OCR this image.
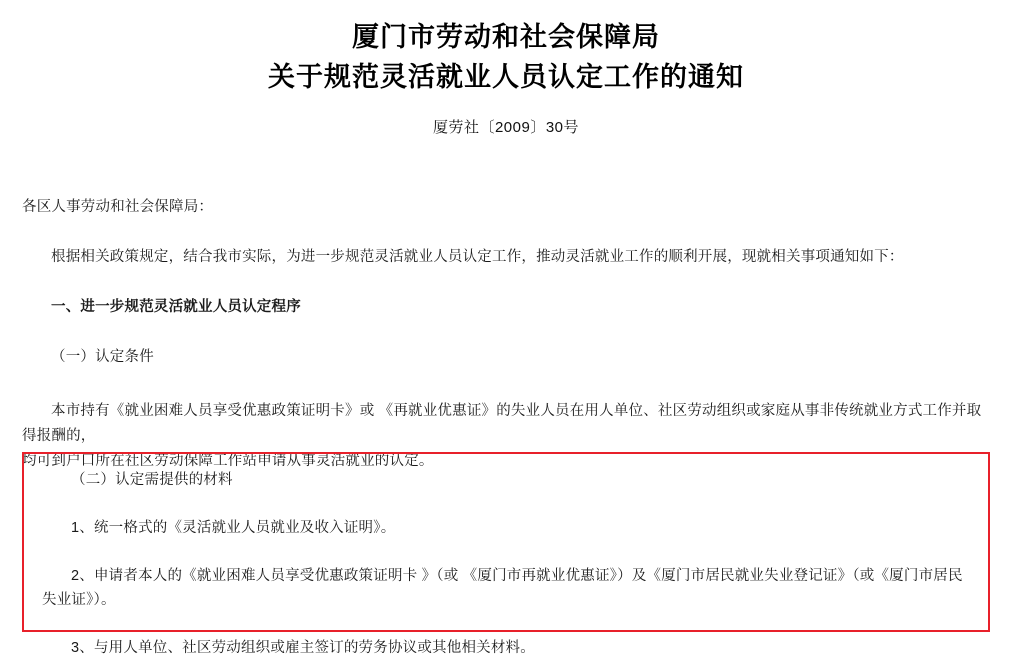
厦门市劳动和社会保障局
关于规范灵活就业人员认定工作的通知
厦劳社〔2009〕30号
各区人事劳动和社会保障局：
根据相关政策规定，结合我市实际，为进一步规范灵活就业人员认定工作，推动灵活就业工作的顺利开展，现就相关事项通知如下：
一、进一步规范灵活就业人员认定程序
（一）认定条件
本市持有《就业困难人员享受优惠政策证明卡》或 《再就业优惠证》的失业人员在用人单位、社区劳动组织或家庭从事非传统就业方式工作并取得报酬的，
均可到户口所在社区劳动保障工作站申请从事灵活就业的认定。
（二）认定需提供的材料
1、统一格式的《灵活就业人员就业及收入证明》。
2、申请者本人的《就业困难人员享受优惠政策证明卡 》（或 《厦门市再就业优惠证》）及《厦门市居民就业失业登记证》（或《厦门市居民失业证》）。
3、与用人单位、社区劳动组织或雇主签订的劳务协议或其他相关材料。
